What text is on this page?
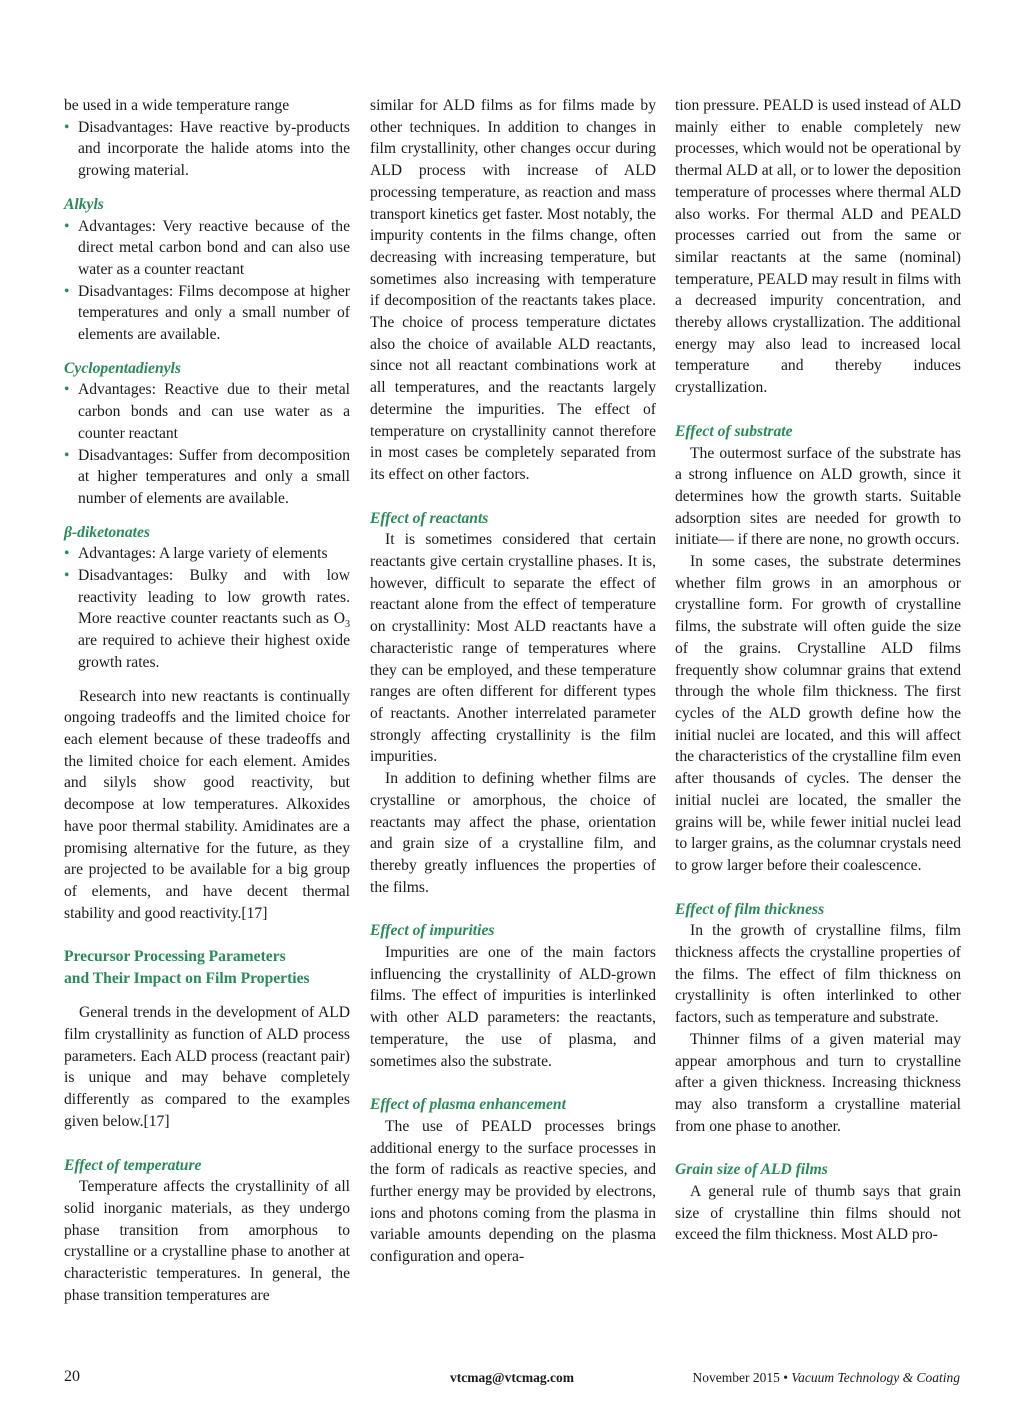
be used in a wide temperature range

• Disadvantages: Have reactive by-products and incorporate the halide atoms into the growing material.
Alkyls
• Advantages: Very reactive because of the direct metal carbon bond and can also use water as a counter reactant
• Disadvantages: Films decompose at higher temperatures and only a small number of elements are available.
Cyclopentadienyls
• Advantages: Reactive due to their metal carbon bonds and can use water as a counter reactant
• Disadvantages: Suffer from decomposition at higher temperatures and only a small number of elements are available.
β-diketonates
• Advantages: A large variety of elements
• Disadvantages: Bulky and with low reactivity leading to low growth rates. More reactive counter reactants such as $O_3$ are required to achieve their highest oxide growth rates.

Research into new reactants is continually ongoing tradeoffs and the limited choice for each element because of these tradeoffs and the limited choice for each element. Amides and silyls show good reactivity, but decompose at low temperatures. Alkoxides have poor thermal stability. Amidinates are a promising alternative for the future, as they are projected to be available for a big group of elements, and have decent thermal stability and good reactivity.[17]

Precursor Processing Parameters
and Their Impact on Film Properties

General trends in the development of ALD film crystallinity as function of ALD process parameters. Each ALD process (reactant pair) is unique and may behave completely differently as compared to the examples given below.[17]

Effect of temperature

Temperature affects the crystallinity of all solid inorganic materials, as they undergo phase transition from amorphous to crystalline or a crystalline phase to another at characteristic temperatures. In general, the phase transition temperatures are

similar for ALD films as for films made by other techniques. In addition to changes in film crystallinity, other changes occur during ALD process with increase of ALD processing temperature, as reaction and mass transport kinetics get faster. Most notably, the impurity contents in the films change, often decreasing with increasing temperature, but sometimes also increasing with temperature if decomposition of the reactants takes place. The choice of process temperature dictates also the choice of available ALD reactants, since not all reactant combinations work at all temperatures, and the reactants largely determine the impurities. The effect of temperature on crystallinity cannot therefore in most cases be completely separated from its effect on other factors.

Effect of reactants

It is sometimes considered that certain reactants give certain crystalline phases. It is, however, difficult to separate the effect of reactant alone from the effect of temperature on crystallinity: Most ALD reactants have a characteristic range of temperatures where they can be employed, and these temperature ranges are often different for different types of reactants. Another interrelated parameter strongly affecting crystallinity is the film impurities.

In addition to defining whether films are crystalline or amorphous, the choice of reactants may affect the phase, orientation and grain size of a crystalline film, and thereby greatly influences the properties of the films.

Effect of impurities

Impurities are one of the main factors influencing the crystallinity of ALD-grown films. The effect of impurities is interlinked with other ALD parameters: the reactants, temperature, the use of plasma, and sometimes also the substrate.

Effect of plasma enhancement

The use of PEALD processes brings additional energy to the surface processes in the form of radicals as reactive species, and further energy may be provided by electrons, ions and photons coming from the plasma in variable amounts depending on the plasma configuration and opera-

tion pressure. PEALD is used instead of ALD mainly either to enable completely new processes, which would not be operational by thermal ALD at all, or to lower the deposition temperature of processes where thermal ALD also works. For thermal ALD and PEALD processes carried out from the same or similar reactants at the same (nominal) temperature, PEALD may result in films with a decreased impurity concentration, and thereby allows crystallization. The additional energy may also lead to increased local temperature and thereby induces crystallization.

Effect of substrate

The outermost surface of the substrate has a strong influence on ALD growth, since it determines how the growth starts. Suitable adsorption sites are needed for growth to initiate— if there are none, no growth occurs.

In some cases, the substrate determines whether film grows in an amorphous or crystalline form. For growth of crystalline films, the substrate will often guide the size of the grains. Crystalline ALD films frequently show columnar grains that extend through the whole film thickness. The first cycles of the ALD growth define how the initial nuclei are located, and this will affect the characteristics of the crystalline film even after thousands of cycles. The denser the initial nuclei are located, the smaller the grains will be, while fewer initial nuclei lead to larger grains, as the columnar crystals need to grow larger before their coalescence.

Effect of film thickness

In the growth of crystalline films, film thickness affects the crystalline properties of the films. The effect of film thickness on crystallinity is often interlinked to other factors, such as temperature and substrate.

Thinner films of a given material may appear amorphous and turn to crystalline after a given thickness. Increasing thickness may also transform a crystalline material from one phase to another.

Grain size of ALD films

A general rule of thumb says that grain size of crystalline thin films should not exceed the film thickness. Most ALD pro-

20	vtcmag@vtcmag.com	November 2015 • Vacuum Technology & Coating
